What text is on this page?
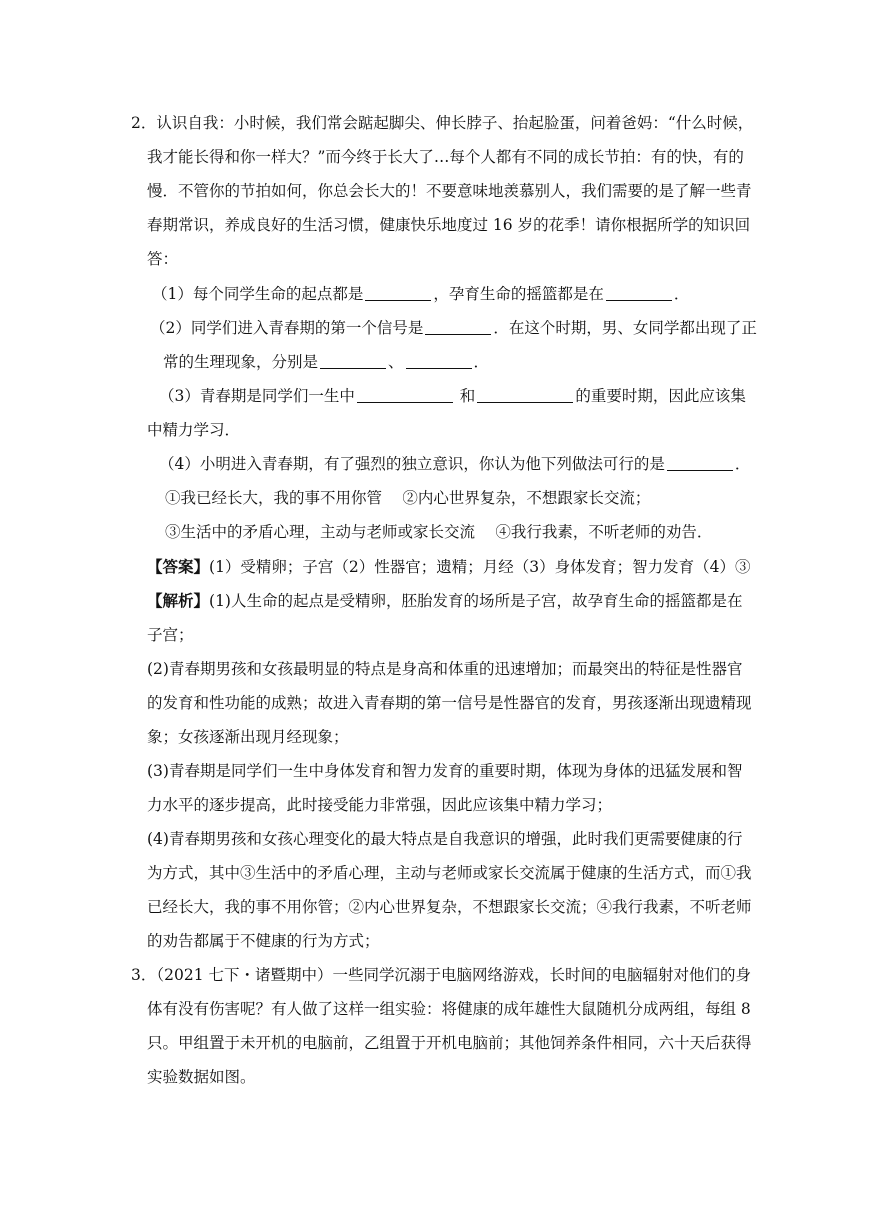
2．认识自我：小时候，我们常会踮起脚尖、伸长脖子、抬起脸蛋，问着爸妈：“什么时候，
我才能长得和你一样大？”而今终于长大了…每个人都有不同的成长节拍：有的快，有的
慢．不管你的节拍如何，你总会长大的！不要意味地羡慕别人，我们需要的是了解一些青
春期常识，养成良好的生活习惯，健康快乐地度过 16 岁的花季！请你根据所学的知识回
答：
（1）每个同学生命的起点都是	，孕育生命的摇篮都是在	．
（2）同学们进入青春期的第一个信号是	．在这个时期，男、女同学都出现了正
常的生理现象，分别是	、	．
（3）青春期是同学们一生中	和	的重要时期，因此应该集
中精力学习．
（4）小明进入青春期，有了强烈的独立意识，你认为他下列做法可行的是	．
①我已经长大，我的事不用你管　 ②内心世界复杂，不想跟家长交流；
③生活中的矛盾心理，主动与老师或家长交流　 ④我行我素，不听老师的劝告．
【答案】(1）受精卵；子宫（2）性器官；遗精；月经（3）身体发育；智力发育（4）③
【解析】(1)人生命的起点是受精卵，胚胎发育的场所是子宫，故孕育生命的摇篮都是在
子宫；
(2)青春期男孩和女孩最明显的特点是身高和体重的迅速增加；而最突出的特征是性器官
的发育和性功能的成熟；故进入青春期的第一信号是性器官的发育，男孩逐渐出现遗精现
象；女孩逐渐出现月经现象；
(3)青春期是同学们一生中身体发育和智力发育的重要时期，体现为身体的迅猛发展和智
力水平的逐步提高，此时接受能力非常强，因此应该集中精力学习；
(4)青春期男孩和女孩心理变化的最大特点是自我意识的增强，此时我们更需要健康的行
为方式，其中③生活中的矛盾心理，主动与老师或家长交流属于健康的生活方式，而①我
已经长大，我的事不用你管；②内心世界复杂，不想跟家长交流；④我行我素，不听老师
的劝告都属于不健康的行为方式；
3．（2021 七下・诸暨期中）一些同学沉溺于电脑网络游戏，长时间的电脑辐射对他们的身
体有没有伤害呢？有人做了这样一组实验：将健康的成年雄性大鼠随机分成两组，每组 8
只。甲组置于未开机的电脑前，乙组置于开机电脑前；其他饲养条件相同，六十天后获得
实验数据如图。
